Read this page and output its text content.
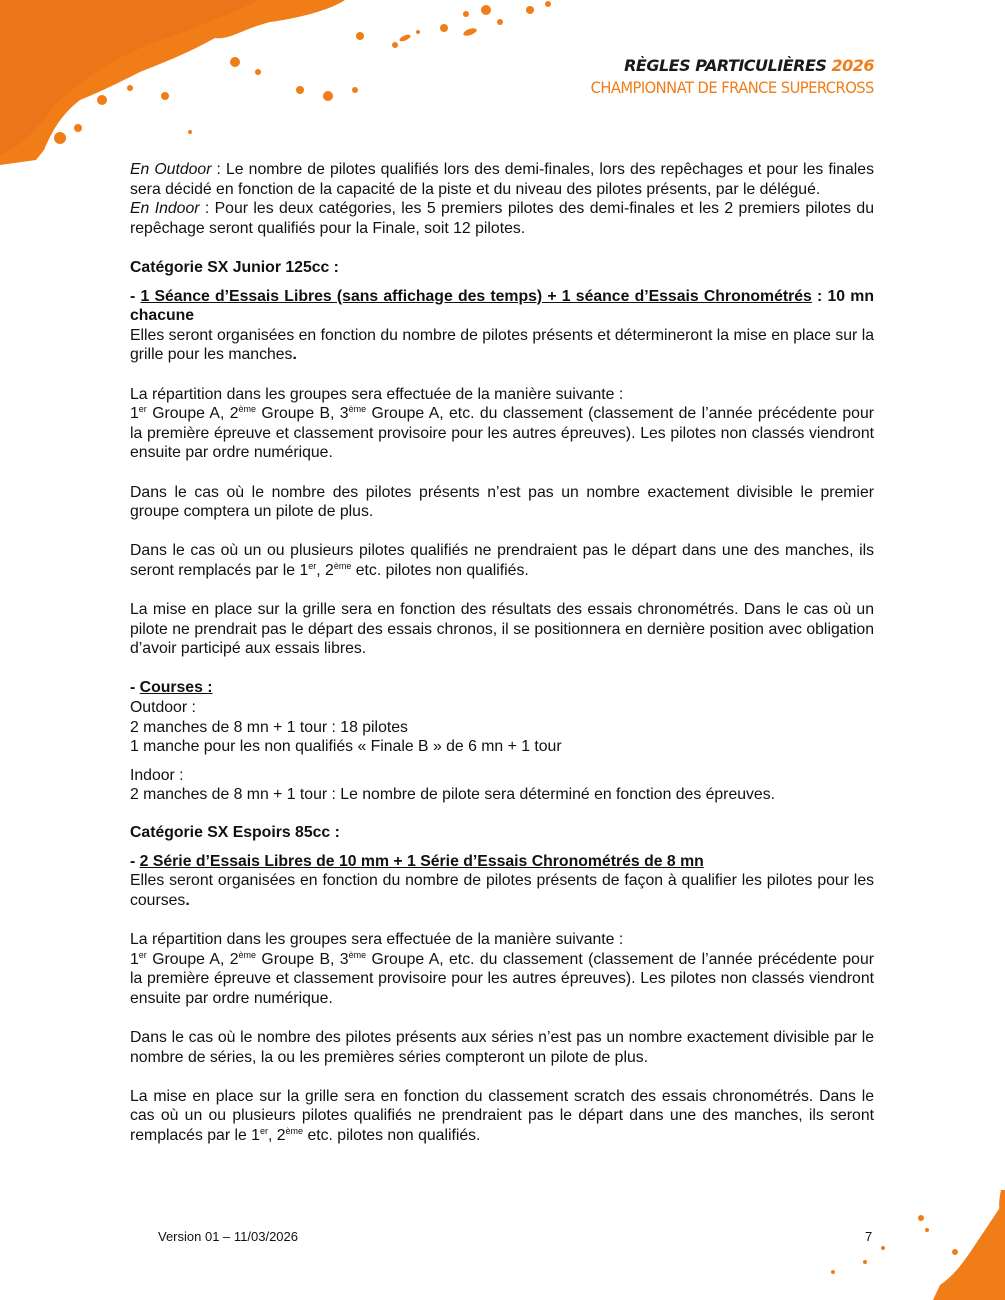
RÈGLES PARTICULIÈRES 2026
CHAMPIONNAT DE FRANCE SUPERCROSS

En Outdoor : Le nombre de pilotes qualifiés lors des demi-finales, lors des repêchages et pour les finales sera décidé en fonction de la capacité de la piste et du niveau des pilotes présents, par le délégué.

En Indoor : Pour les deux catégories, les 5 premiers pilotes des demi-finales et les 2 premiers pilotes du repêchage seront qualifiés pour la Finale, soit 12 pilotes.

Catégorie SX Junior 125cc :

- 1 Séance d’Essais Libres (sans affichage des temps) + 1 séance d’Essais Chronométrés : 10 mn chacune

Elles seront organisées en fonction du nombre de pilotes présents et détermineront la mise en place sur la grille pour les manches.

La répartition dans les groupes sera effectuée de la manière suivante :

1er Groupe A, 2ème Groupe B, 3ème Groupe A, etc. du classement (classement de l’année précédente pour la première épreuve et classement provisoire pour les autres épreuves). Les pilotes non classés viendront ensuite par ordre numérique.

Dans le cas où le nombre des pilotes présents n’est pas un nombre exactement divisible le premier groupe comptera un pilote de plus.

Dans le cas où un ou plusieurs pilotes qualifiés ne prendraient pas le départ dans une des manches, ils seront remplacés par le 1er, 2ème etc. pilotes non qualifiés.

La mise en place sur la grille sera en fonction des résultats des essais chronométrés. Dans le cas où un pilote ne prendrait pas le départ des essais chronos, il se positionnera en dernière position avec obligation d’avoir participé aux essais libres.

- Courses :

Outdoor :

2 manches de 8 mn + 1 tour : 18 pilotes

1 manche pour les non qualifiés « Finale B » de 6 mn + 1 tour

Indoor :

2 manches de 8 mn + 1 tour : Le nombre de pilote sera déterminé en fonction des épreuves.

Catégorie SX Espoirs 85cc :

- 2 Série d’Essais Libres de 10 mm + 1 Série d’Essais Chronométrés de 8 mn

Elles seront organisées en fonction du nombre de pilotes présents de façon à qualifier les pilotes pour les courses.

La répartition dans les groupes sera effectuée de la manière suivante :

1er Groupe A, 2ème Groupe B, 3ème Groupe A, etc. du classement (classement de l’année précédente pour la première épreuve et classement provisoire pour les autres épreuves). Les pilotes non classés viendront ensuite par ordre numérique.

Dans le cas où le nombre des pilotes présents aux séries n’est pas un nombre exactement divisible par le nombre de séries, la ou les premières séries compteront un pilote de plus.

La mise en place sur la grille sera en fonction du classement scratch des essais chronométrés. Dans le cas où un ou plusieurs pilotes qualifiés ne prendraient pas le départ dans une des manches, ils seront remplacés par le 1er, 2ème etc. pilotes non qualifiés.

Version 01 – 11/03/2026	7
